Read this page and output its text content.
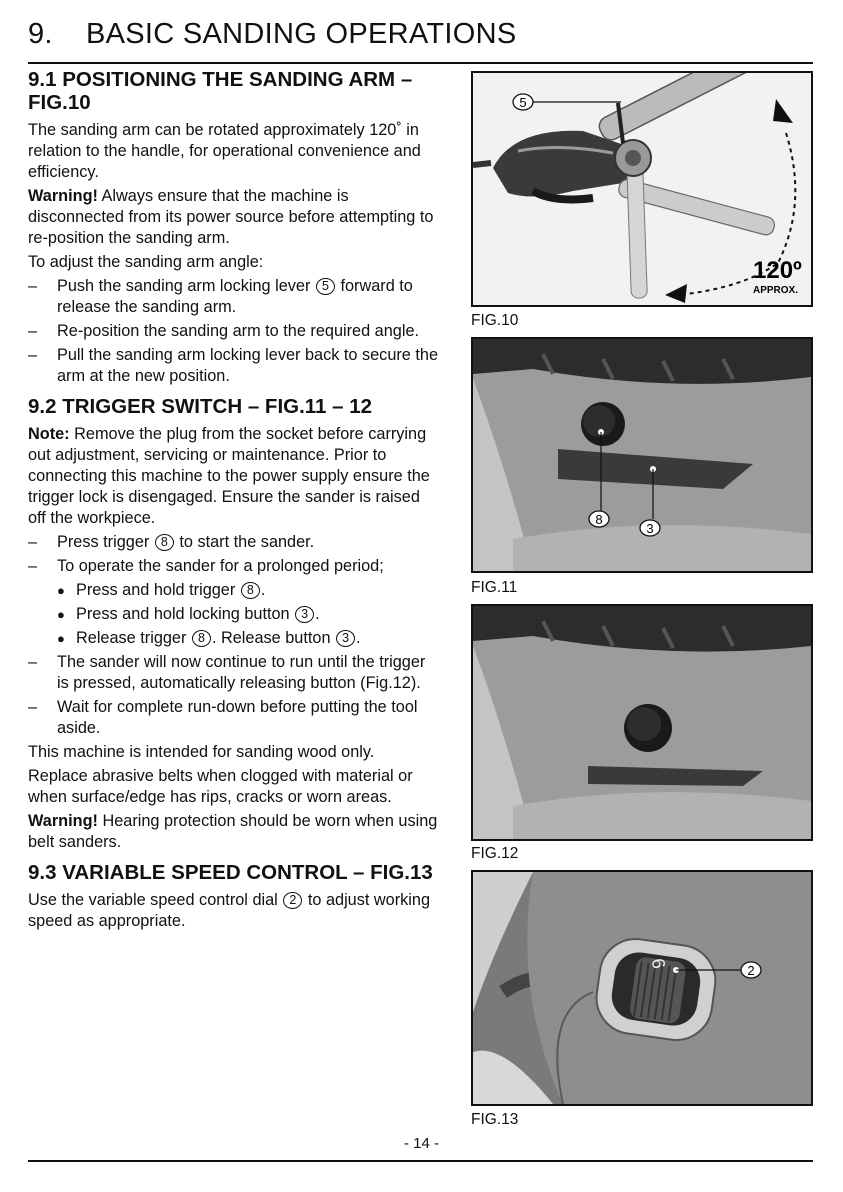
9. BASIC SANDING OPERATIONS
9.1 POSITIONING THE SANDING ARM – FIG.10

The sanding arm can be rotated approximately 120˚ in relation to the handle, for operational convenience and efficiency.

Warning! Always ensure that the machine is disconnected from its power source before attempting to re-position the sanding arm.

To adjust the sanding arm angle:

– Push the sanding arm locking lever 5 forward to release the sanding arm.
– Re-position the sanding arm to the required angle.
– Pull the sanding arm locking lever back to secure the arm at the new position.
9.2 TRIGGER SWITCH – FIG.11 – 12

Note: Remove the plug from the socket before carrying out adjustment, servicing or maintenance. Prior to connecting this machine to the power supply ensure the trigger lock is disengaged. Ensure the sander is raised off the workpiece.

– Press trigger 8 to start the sander.
– To operate the sander for a prolonged period;
● Press and hold trigger 8 .
● Press and hold locking button 3 .
● Release trigger 8 . Release button 3 .
– The sander will now continue to run until the trigger is pressed, automatically releasing button (Fig.12).
– Wait for complete run-down before putting the tool aside.

This machine is intended for sanding wood only.

Replace abrasive belts when clogged with material or when surface/edge has rips, cracks or worn areas.

Warning! Hearing protection should be worn when using belt sanders.

9.3 VARIABLE SPEED CONTROL – FIG.13

Use the variable speed control dial 2 to adjust working speed as appropriate.

5
120º
APPROX.
FIG.10
8
3
FIG.11
FIG.12
6	2
FIG.13
- 14 -
